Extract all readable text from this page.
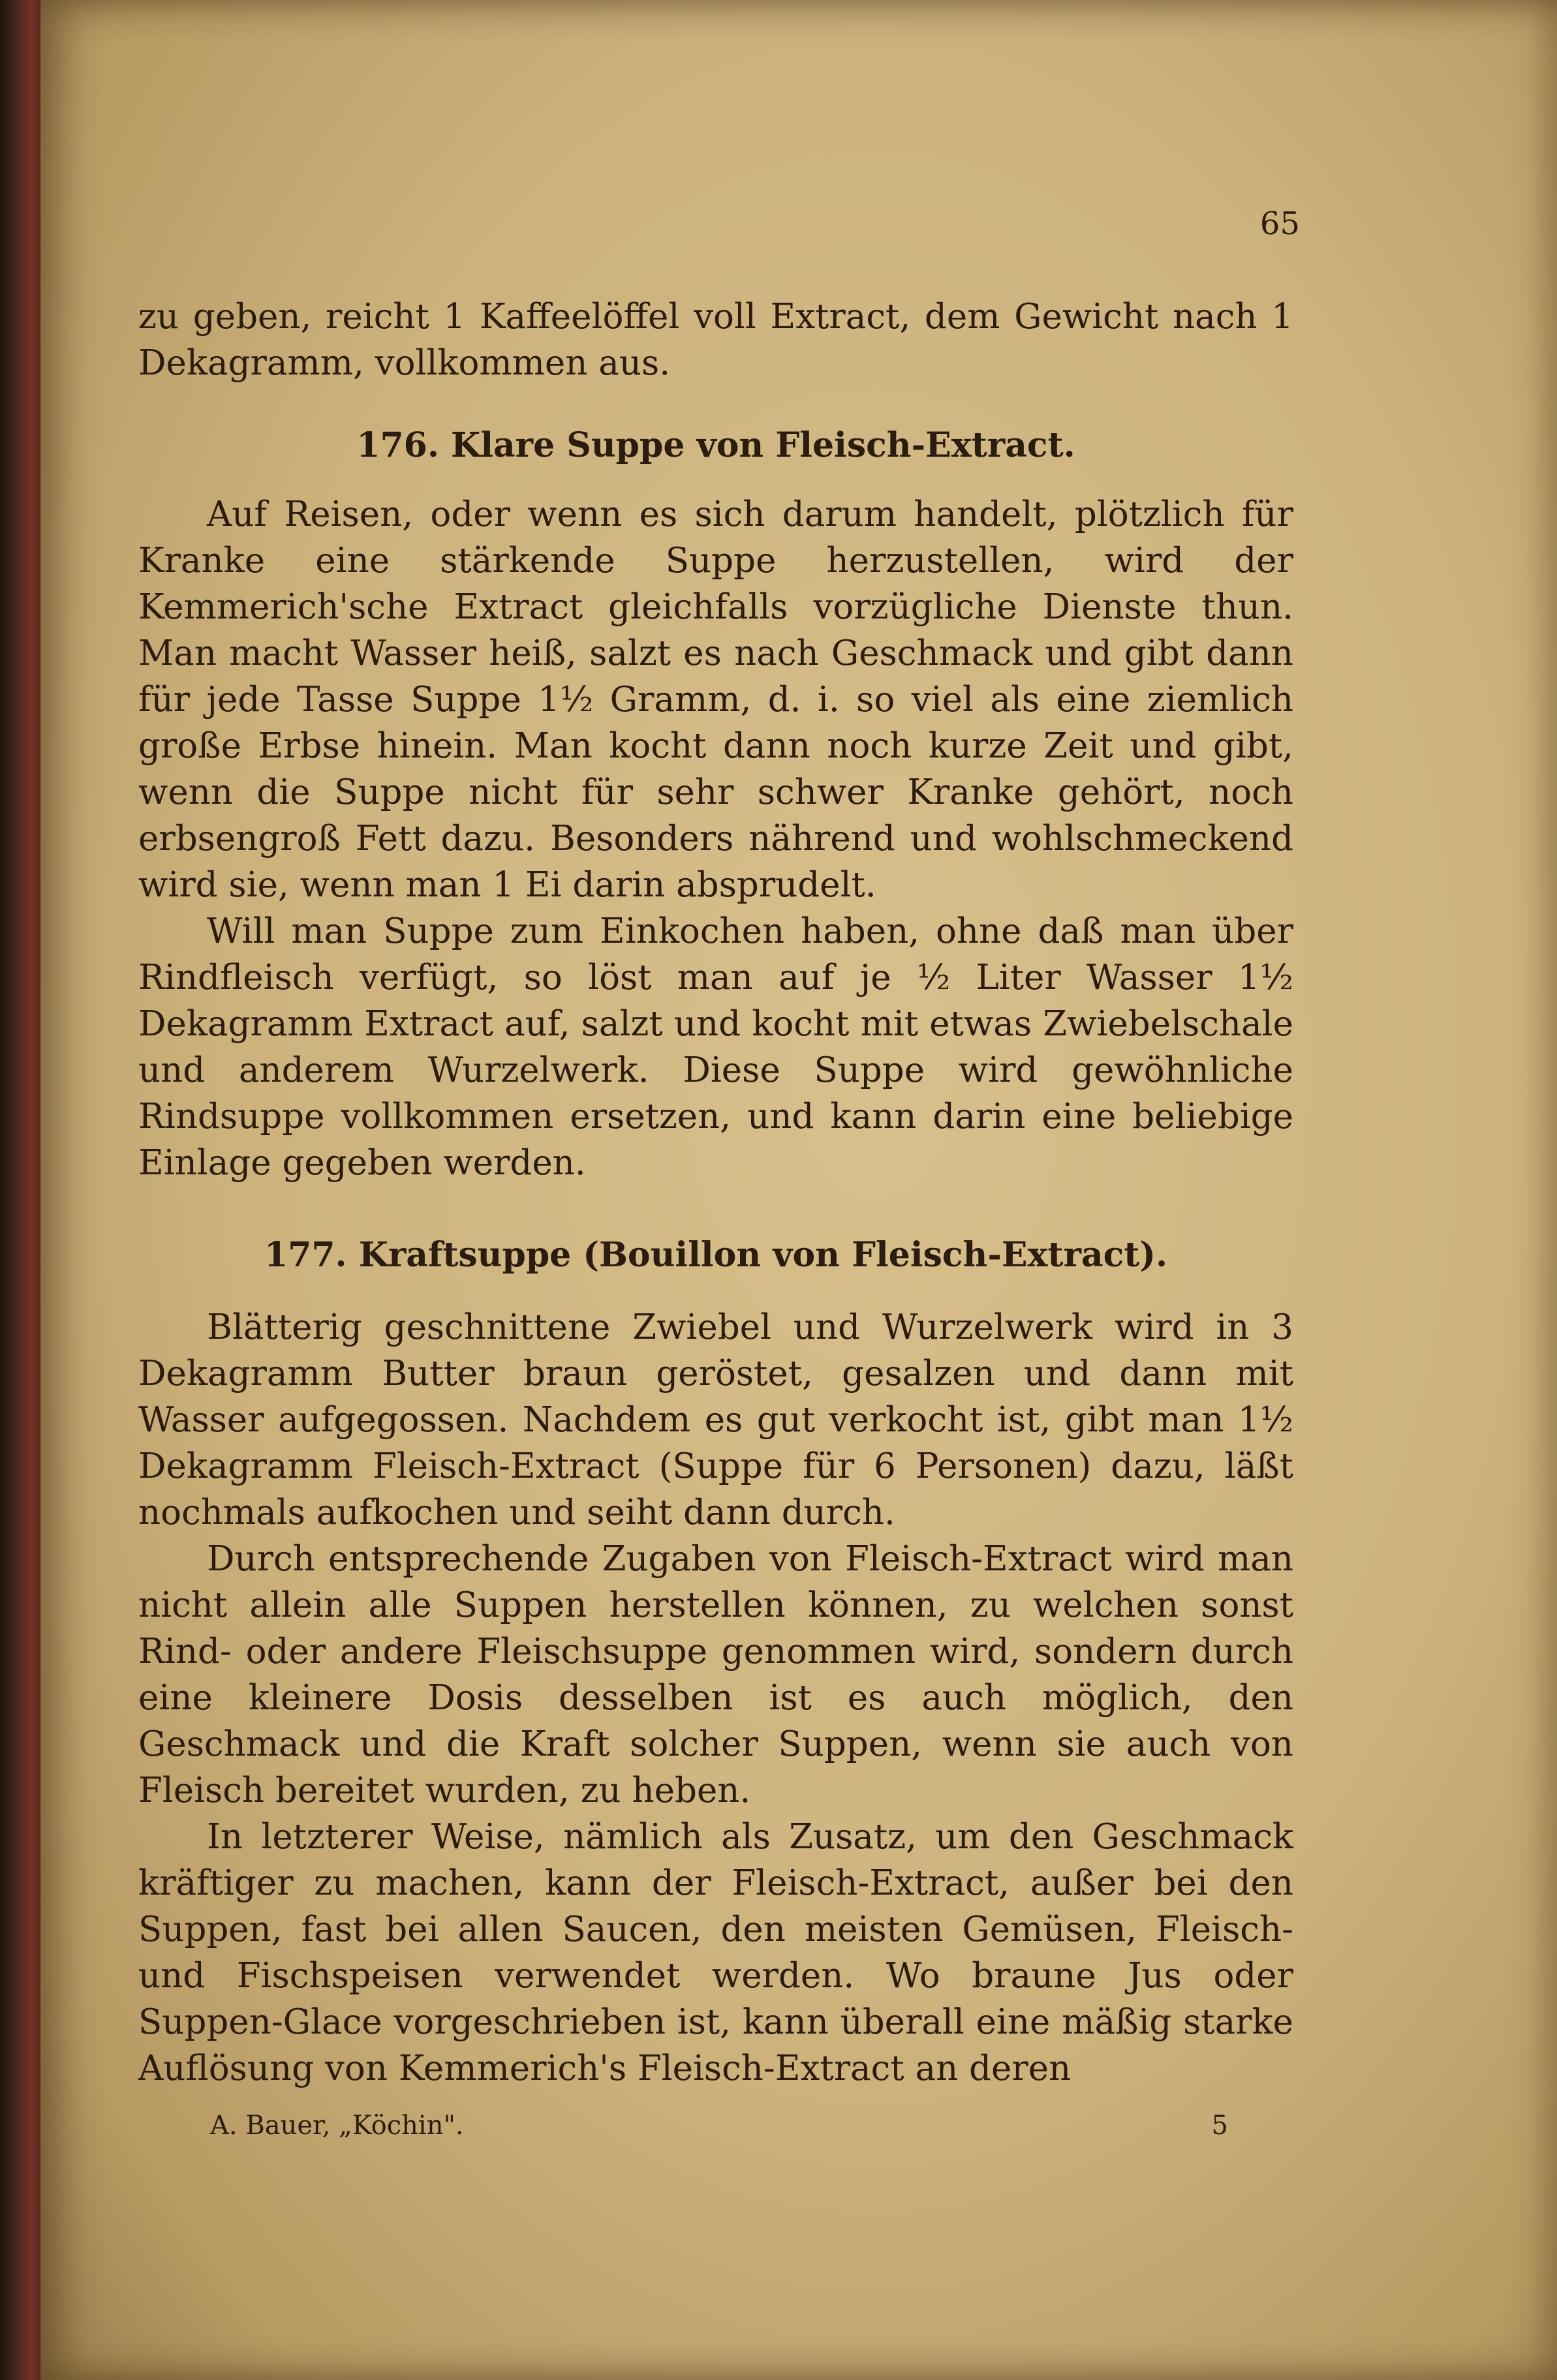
65

zu geben, reicht 1 Kaffeelöffel voll Extract, dem Gewicht nach 1 Dekagramm, vollkommen aus.

176. Klare Suppe von Fleisch-Extract.

Auf Reisen, oder wenn es sich darum handelt, plötzlich für Kranke eine stärkende Suppe herzustellen, wird der Kemmerich'sche Extract gleichfalls vorzügliche Dienste thun. Man macht Wasser heiß, salzt es nach Geschmack und gibt dann für jede Tasse Suppe 1½ Gramm, d. i. so viel als eine ziemlich große Erbse hinein. Man kocht dann noch kurze Zeit und gibt, wenn die Suppe nicht für sehr schwer Kranke gehört, noch erbsengroß Fett dazu. Besonders nährend und wohlschmeckend wird sie, wenn man 1 Ei darin absprudelt.

Will man Suppe zum Einkochen haben, ohne daß man über Rindfleisch verfügt, so löst man auf je ½ Liter Wasser 1½ Dekagramm Extract auf, salzt und kocht mit etwas Zwiebelschale und anderem Wurzelwerk. Diese Suppe wird gewöhnliche Rindsuppe vollkommen ersetzen, und kann darin eine beliebige Einlage gegeben werden.

177. Kraftsuppe (Bouillon von Fleisch-Extract).

Blätterig geschnittene Zwiebel und Wurzelwerk wird in 3 Dekagramm Butter braun geröstet, gesalzen und dann mit Wasser aufgegossen. Nachdem es gut verkocht ist, gibt man 1½ Dekagramm Fleisch-Extract (Suppe für 6 Personen) dazu, läßt nochmals aufkochen und seiht dann durch.

Durch entsprechende Zugaben von Fleisch-Extract wird man nicht allein alle Suppen herstellen können, zu welchen sonst Rind- oder andere Fleischsuppe genommen wird, sondern durch eine kleinere Dosis desselben ist es auch möglich, den Geschmack und die Kraft solcher Suppen, wenn sie auch von Fleisch bereitet wurden, zu heben.

In letzterer Weise, nämlich als Zusatz, um den Geschmack kräftiger zu machen, kann der Fleisch-Extract, außer bei den Suppen, fast bei allen Saucen, den meisten Gemüsen, Fleisch- und Fischspeisen verwendet werden. Wo braune Jus oder Suppen-Glace vorgeschrieben ist, kann überall eine mäßig starke Auflösung von Kemmerich's Fleisch-Extract an deren

A. Bauer, „Köchin".	5
